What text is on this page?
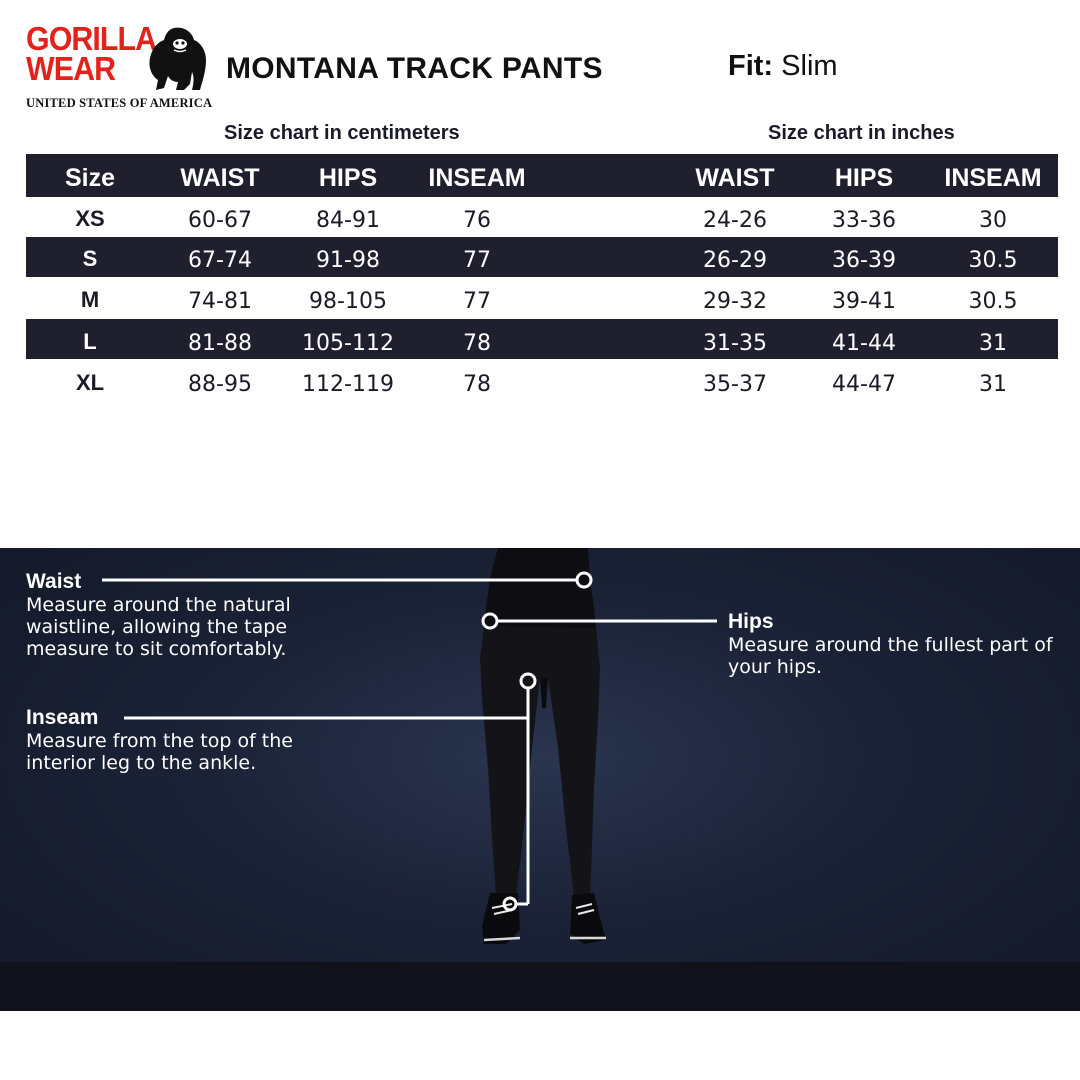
GORILLA
WEAR
UNITED STATES OF AMERICA
MONTANA TRACK PANTS	Fit: Slim
Size chart in centimeters	Size chart in inches
Size	WAIST	HIPS	INSEAM	WAIST	HIPS	INSEAM
XS	60-67	84-91	76	24-26	33-36	30
S	67-74	91-98	77	26-29	36-39	30.5
M	74-81	98-105	77	29-32	39-41	30.5
L	81-88	105-112	78	31-35	41-44	31
XL	88-95	112-119	78	35-37	44-47	31
Waist
Measure around the natural
waistline, allowing the tape
measure to sit comfortably.
Hips
Measure around the fullest part of
your hips.
Inseam
Measure from the top of the
interior leg to the ankle.
